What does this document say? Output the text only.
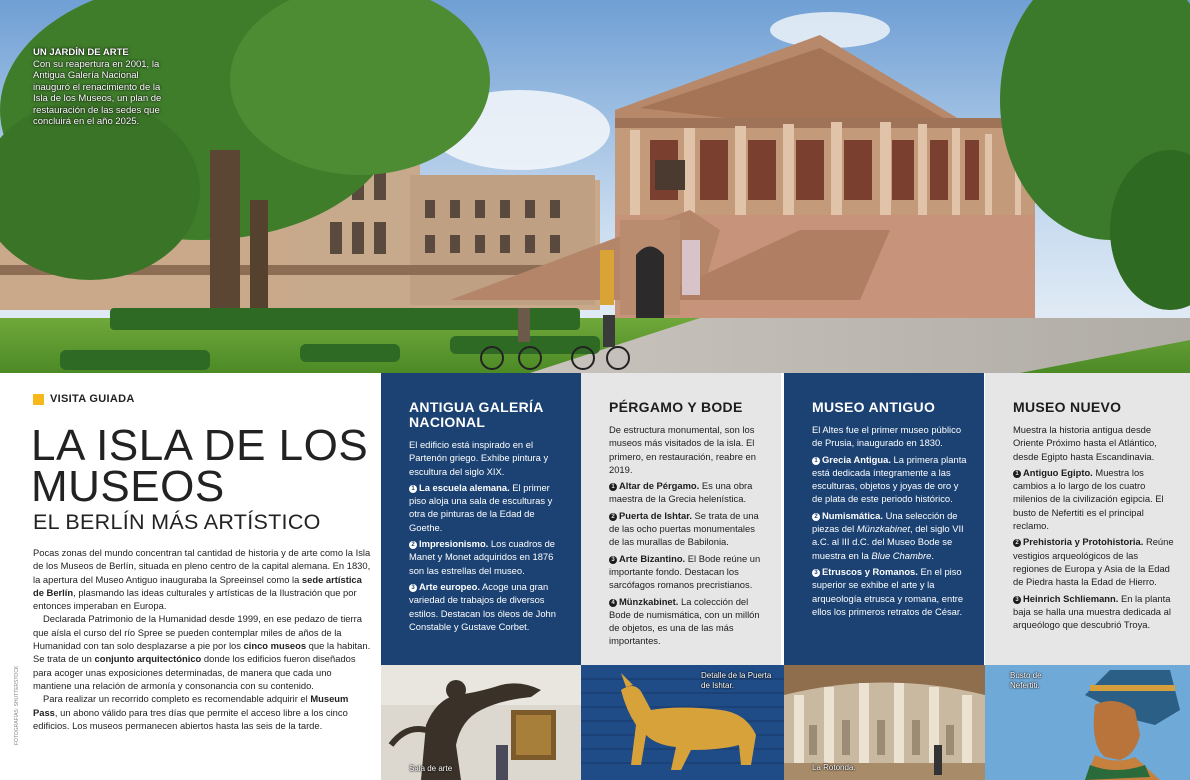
UN JARDÍN DE ARTE
Con su reapertura en 2001, la Antigua Galería Nacional inauguró el renacimiento de la Isla de los Museos, un plan de restauración de las sedes que concluirá en el año 2025.
VISITA GUIADA
LA ISLA DE LOS MUSEOS
EL BERLÍN MÁS ARTÍSTICO

Pocas zonas del mundo concentran tal cantidad de historia y de arte como la Isla de los Museos de Berlín, situada en pleno centro de la capital alemana. En 1830, la apertura del Museo Antiguo inauguraba la Spreeinsel como la sede artística de Berlín, plasmando las ideas culturales y artísticas de la Ilustración que por entonces imperaban en Europa.

Declarada Patrimonio de la Humanidad desde 1999, en ese pedazo de tierra que aísla el curso del río Spree se pueden contemplar miles de años de la Humanidad con tan solo desplazarse a pie por los cinco museos que la habitan. Se trata de un conjunto arquitectónico donde los edificios fueron diseñados para acoger unas exposiciones determinadas, de manera que cada uno mantiene una relación de armonía y consonancia con su contenido.

Para realizar un recorrido completo es recomendable adquirir el Museum Pass, un abono válido para tres días que permite el acceso libre a los cinco edificios. Los museos permanecen abiertos hasta las seis de la tarde.

FOTOGRAFÍAS: SHUTTERSTOCK
ANTIGUA GALERÍA NACIONAL

El edificio está inspirado en el Partenón griego. Exhibe pintura y escultura del siglo XIX.

1 La escuela alemana. El primer piso aloja una sala de esculturas y otra de pinturas de la Edad de Goethe.

2 Impresionismo. Los cuadros de Manet y Monet adquiridos en 1876 son las estrellas del museo.

3 Arte europeo. Acoge una gran variedad de trabajos de diversos estilos. Destacan los óleos de John Constable y Gustave Corbet.

PÉRGAMO Y BODE

De estructura monumental, son los museos más visitados de la isla. El primero, en restauración, reabre en 2019.

1 Altar de Pérgamo. Es una obra maestra de la Grecia helenística.

2 Puerta de Ishtar. Se trata de una de las ocho puertas monumentales de las murallas de Babilonia.

3 Arte Bizantino. El Bode reúne un importante fondo. Destacan los sarcófagos romanos precristianos.

4 Münzkabinet. La colección del Bode de numismática, con un millón de objetos, es una de las más importantes.

MUSEO ANTIGUO

El Altes fue el primer museo público de Prusia, inaugurado en 1830.

1 Grecia Antigua. La primera planta está dedicada íntegramente a las esculturas, objetos y joyas de oro y de plata de este periodo histórico.

2 Numismática. Una selección de piezas del Münzkabinet, del siglo VII a.C. al III d.C. del Museo Bode se muestra en la Blue Chambre.

3 Etruscos y Romanos. En el piso superior se exhibe el arte y la arqueología etrusca y romana, entre ellos los primeros retratos de César.

MUSEO NUEVO

Muestra la historia antigua desde Oriente Próximo hasta el Atlántico, desde Egipto hasta Escandinavia.

1 Antiguo Egipto. Muestra los cambios a lo largo de los cuatro milenios de la civilización egipcia. El busto de Nefertiti es el principal reclamo.

2 Prehistoria y Protohistoria. Reúne vestigios arqueológicos de las regiones de Europa y Asia de la Edad de Piedra hasta la Edad de Hierro.

3 Heinrich Schliemann. En la planta baja se halla una muestra dedicada al arqueólogo que descubrió Troya.

Sala de arte
Detalle de la Puerta de Ishtar.
La Rotonda.
Busto de Nefertiti.
